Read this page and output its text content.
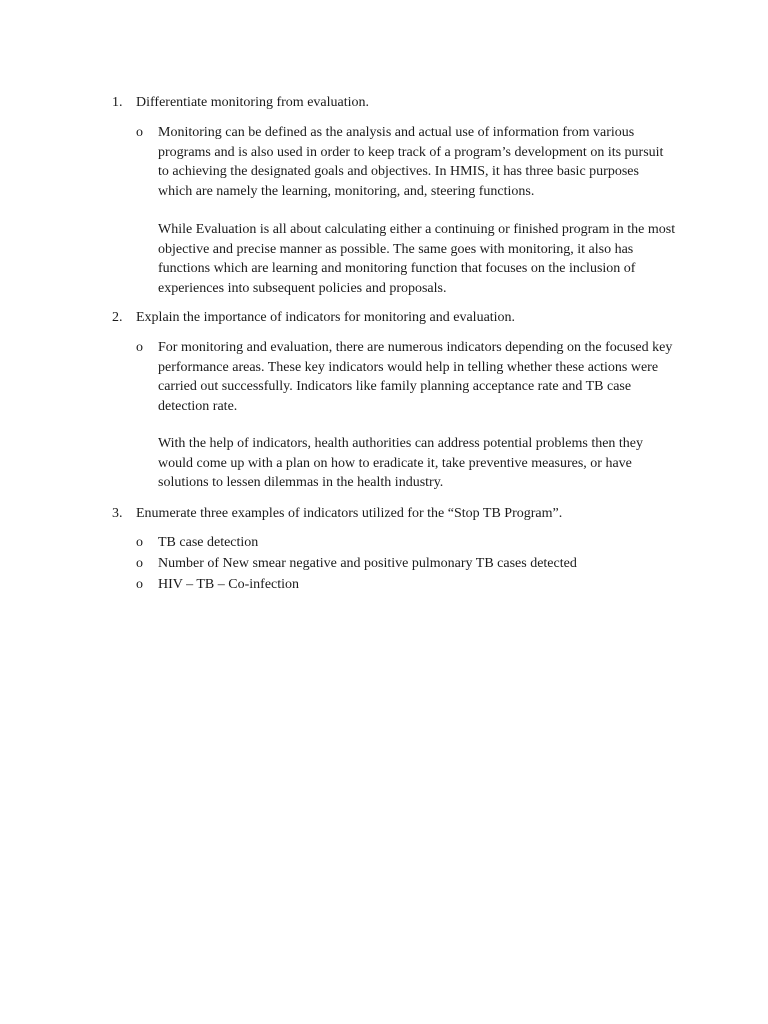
1. Differentiate monitoring from evaluation.
o Monitoring can be defined as the analysis and actual use of information from various programs and is also used in order to keep track of a program’s development on its pursuit to achieving the designated goals and objectives. In HMIS, it has three basic purposes which are namely the learning, monitoring, and, steering functions.
While Evaluation is all about calculating either a continuing or finished program in the most objective and precise manner as possible. The same goes with monitoring, it also has functions which are learning and monitoring function that focuses on the inclusion of experiences into subsequent policies and proposals.
2. Explain the importance of indicators for monitoring and evaluation.
o For monitoring and evaluation, there are numerous indicators depending on the focused key performance areas. These key indicators would help in telling whether these actions were carried out successfully. Indicators like family planning acceptance rate and TB case detection rate.
With the help of indicators, health authorities can address potential problems then they would come up with a plan on how to eradicate it, take preventive measures, or have solutions to lessen dilemmas in the health industry.
3. Enumerate three examples of indicators utilized for the “Stop TB Program”.
o TB case detection
o Number of New smear negative and positive pulmonary TB cases detected
o HIV – TB – Co-infection
